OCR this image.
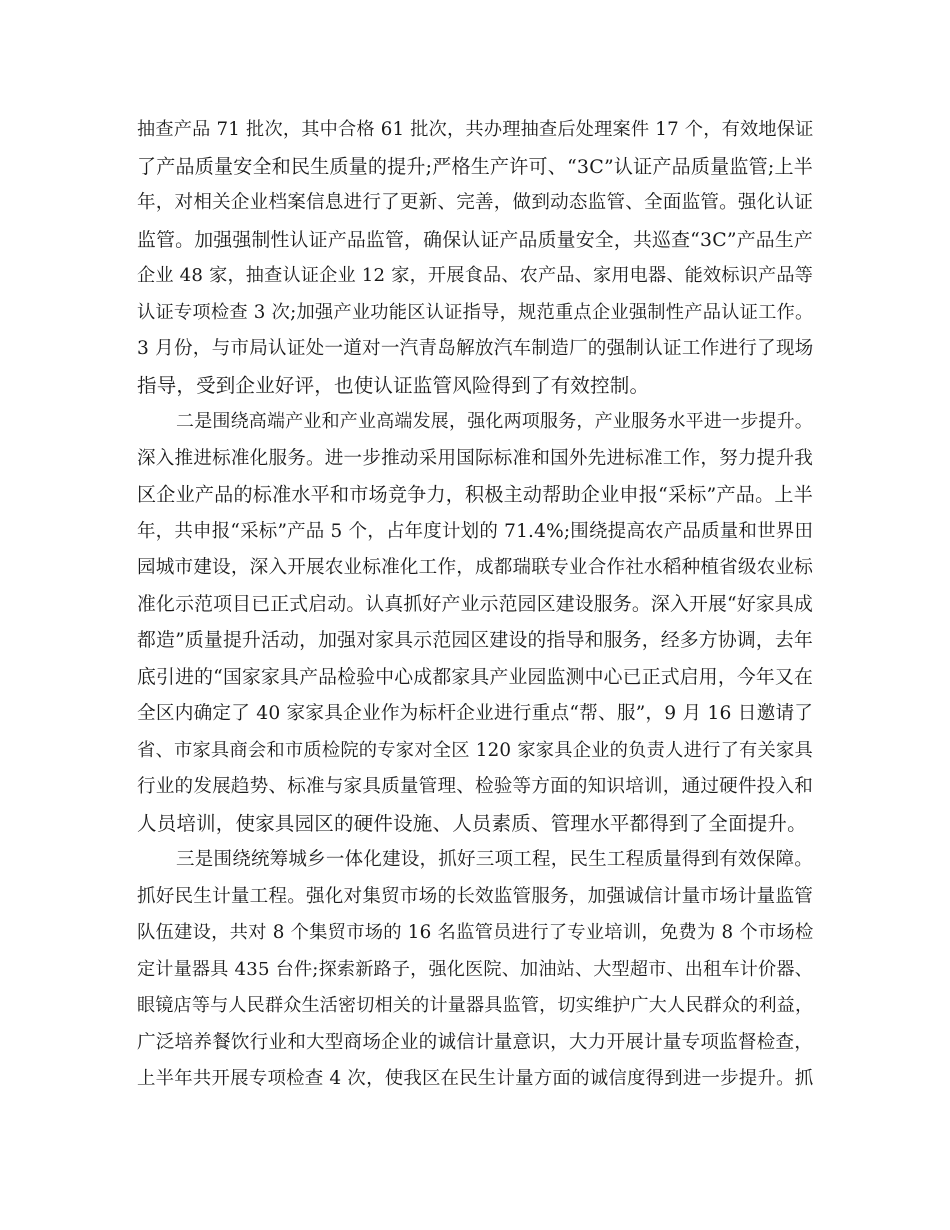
抽查产品 71 批次，其中合格 61 批次，共办理抽查后处理案件 17 个，有效地保证
了产品质量安全和民生质量的提升;严格生产许可、“3C”认证产品质量监管;上半
年，对相关企业档案信息进行了更新、完善，做到动态监管、全面监管。强化认证
监管。加强强制性认证产品监管，确保认证产品质量安全，共巡查“3C”产品生产
企业 48 家，抽查认证企业 12 家，开展食品、农产品、家用电器、能效标识产品等
认证专项检查 3 次;加强产业功能区认证指导，规范重点企业强制性产品认证工作。
3 月份，与市局认证处一道对一汽青岛解放汽车制造厂的强制认证工作进行了现场
指导，受到企业好评，也使认证监管风险得到了有效控制。
二是围绕高端产业和产业高端发展，强化两项服务，产业服务水平进一步提升。
深入推进标准化服务。进一步推动采用国际标准和国外先进标准工作，努力提升我
区企业产品的标准水平和市场竞争力，积极主动帮助企业申报“采标”产品。上半
年，共申报“采标”产品 5 个，占年度计划的 71.4%;围绕提高农产品质量和世界田
园城市建设，深入开展农业标准化工作，成都瑞联专业合作社水稻种植省级农业标
准化示范项目已正式启动。认真抓好产业示范园区建设服务。深入开展“好家具成
都造”质量提升活动，加强对家具示范园区建设的指导和服务，经多方协调，去年
底引进的“国家家具产品检验中心成都家具产业园监测中心已正式启用，今年又在
全区内确定了 40 家家具企业作为标杆企业进行重点“帮、服”，9 月 16 日邀请了
省、市家具商会和市质检院的专家对全区 120 家家具企业的负责人进行了有关家具
行业的发展趋势、标准与家具质量管理、检验等方面的知识培训，通过硬件投入和
人员培训，使家具园区的硬件设施、人员素质、管理水平都得到了全面提升。
三是围绕统筹城乡一体化建设，抓好三项工程，民生工程质量得到有效保障。
抓好民生计量工程。强化对集贸市场的长效监管服务，加强诚信计量市场计量监管
队伍建设，共对 8 个集贸市场的 16 名监管员进行了专业培训，免费为 8 个市场检
定计量器具 435 台件;探索新路子，强化医院、加油站、大型超市、出租车计价器、
眼镜店等与人民群众生活密切相关的计量器具监管，切实维护广大人民群众的利益，
广泛培养餐饮行业和大型商场企业的诚信计量意识，大力开展计量专项监督检查，
上半年共开展专项检查 4 次，使我区在民生计量方面的诚信度得到进一步提升。抓
